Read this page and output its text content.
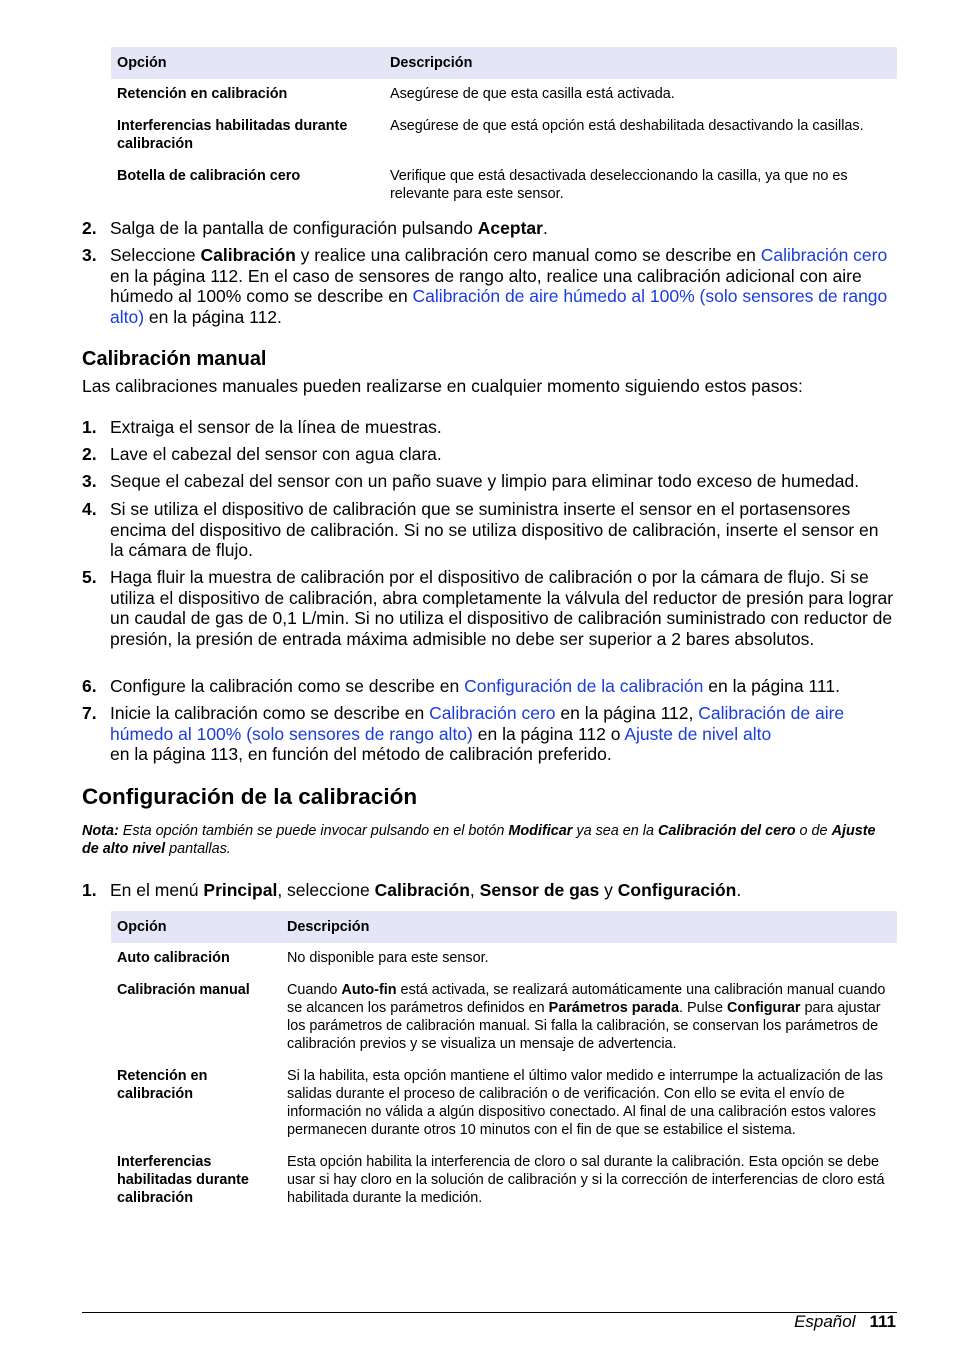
Opción	Descripción
Retención en calibración	Asegúrese de que esta casilla está activada.
Interferencias habilitadas durante calibración	Asegúrese de que está opción está deshabilitada desactivando la casillas.
Botella de calibración cero	Verifique que está desactivada deseleccionando la casilla, ya que no es relevante para este sensor.
2. Salga de la pantalla de configuración pulsando Aceptar.
3. Seleccione Calibración y realice una calibración cero manual como se describe en Calibración cero en la página 112. En el caso de sensores de rango alto, realice una calibración adicional con aire húmedo al 100% como se describe en Calibración de aire húmedo al 100% (solo sensores de rango alto) en la página 112.
Calibración manual
Las calibraciones manuales pueden realizarse en cualquier momento siguiendo estos pasos:
1. Extraiga el sensor de la línea de muestras.
2. Lave el cabezal del sensor con agua clara.
3. Seque el cabezal del sensor con un paño suave y limpio para eliminar todo exceso de humedad.
4. Si se utiliza el dispositivo de calibración que se suministra inserte el sensor en el portasensores encima del dispositivo de calibración. Si no se utiliza dispositivo de calibración, inserte el sensor en la cámara de flujo.
5. Haga fluir la muestra de calibración por el dispositivo de calibración o por la cámara de flujo. Si se utiliza el dispositivo de calibración, abra completamente la válvula del reductor de presión para lograr un caudal de gas de 0,1 L/min. Si no utiliza el dispositivo de calibración suministrado con reductor de presión, la presión de entrada máxima admisible no debe ser superior a 2 bares absolutos.
6. Configure la calibración como se describe en Configuración de la calibración en la página 111.
7. Inicie la calibración como se describe en Calibración cero en la página 112, Calibración de aire húmedo al 100% (solo sensores de rango alto) en la página 112 o Ajuste de nivel alto
en la página 113, en función del método de calibración preferido.
Configuración de la calibración
Nota: Esta opción también se puede invocar pulsando en el botón Modificar ya sea en la Calibración del cero o de Ajuste de alto nivel pantallas.
1. En el menú Principal, seleccione Calibración, Sensor de gas y Configuración.
Opción	Descripción
Auto calibración	No disponible para este sensor.
Calibración manual	Cuando Auto-fin está activada, se realizará automáticamente una calibración manual cuando se alcancen los parámetros definidos en Parámetros parada. Pulse Configurar para ajustar los parámetros de calibración manual. Si falla la calibración, se conservan los parámetros de calibración previos y se visualiza un mensaje de advertencia.
Retención en calibración	Si la habilita, esta opción mantiene el último valor medido e interrumpe la actualización de las salidas durante el proceso de calibración o de verificación. Con ello se evita el envío de información no válida a algún dispositivo conectado. Al final de una calibración estos valores permanecen durante otros 10 minutos con el fin de que se estabilice el sistema.
Interferencias habilitadas durante calibración	Esta opción habilita la interferencia de cloro o sal durante la calibración. Esta opción se debe usar si hay cloro en la solución de calibración y si la corrección de interferencias de cloro está habilitada durante la medición.
Español 111
